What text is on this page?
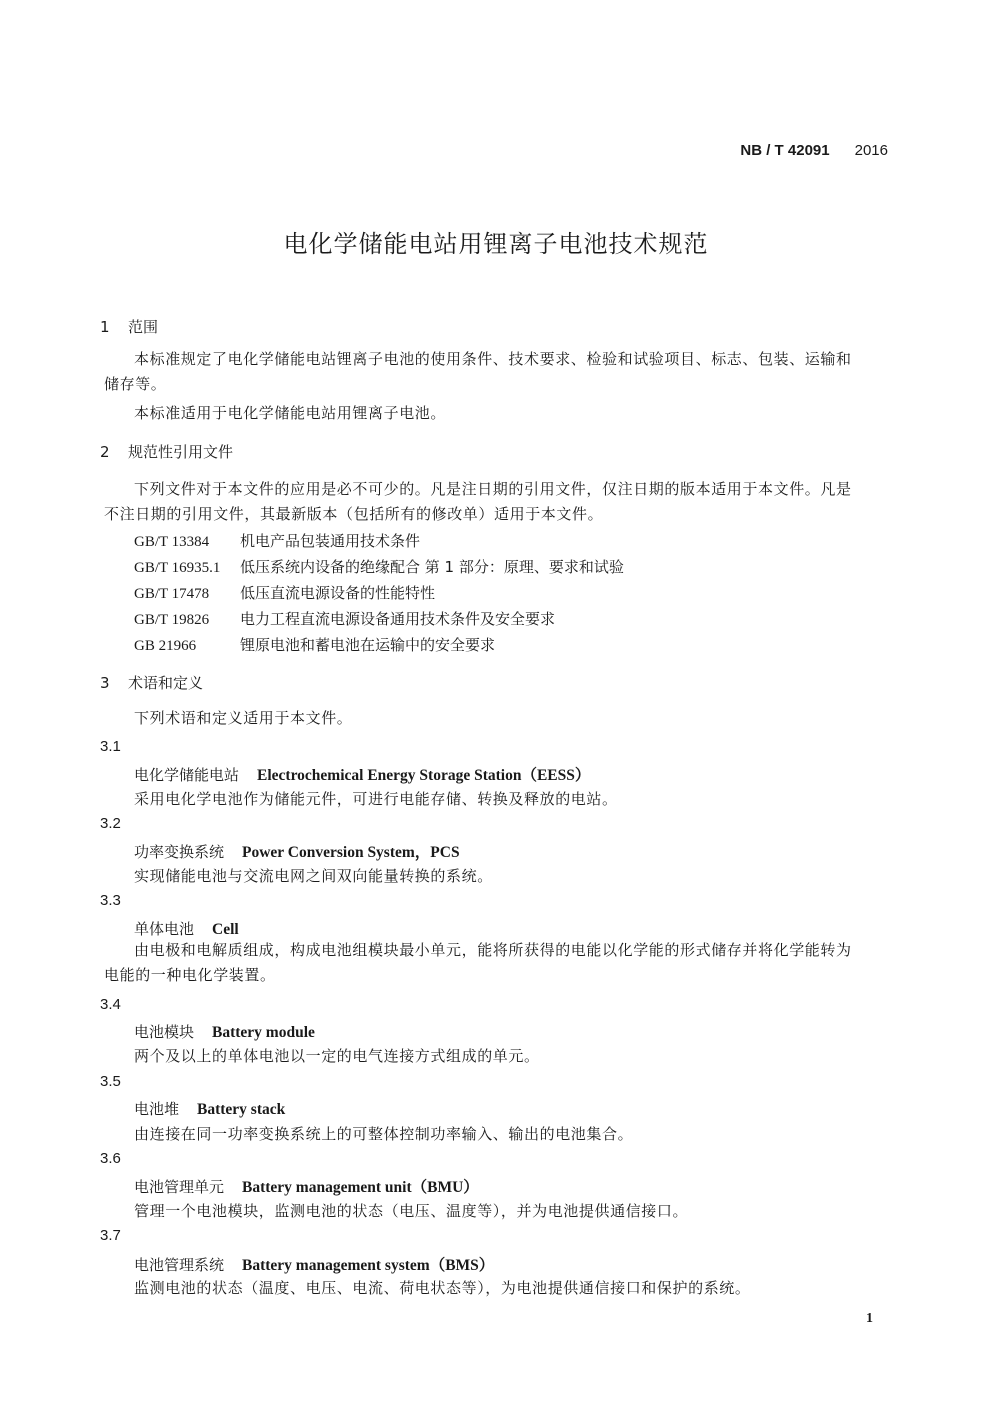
NB / T 42091 2016
电化学储能电站用锂离子电池技术规范
1 范围
本标准规定了电化学储能电站锂离子电池的使用条件、技术要求、检验和试验项目、标志、包装、运输和储存等。
本标准适用于电化学储能电站用锂离子电池。
2 规范性引用文件
下列文件对于本文件的应用是必不可少的。凡是注日期的引用文件，仅注日期的版本适用于本文件。凡是不注日期的引用文件，其最新版本（包括所有的修改单）适用于本文件。
GB/T 13384 机电产品包装通用技术条件
GB/T 16935.1 低压系统内设备的绝缘配合 第 1 部分：原理、要求和试验
GB/T 17478 低压直流电源设备的性能特性
GB/T 19826 电力工程直流电源设备通用技术条件及安全要求
GB 21966	锂原电池和蓄电池在运输中的安全要求
3 术语和定义
下列术语和定义适用于本文件。
3.1
电化学储能电站 Electrochemical Energy Storage Station（EESS）
采用电化学电池作为储能元件，可进行电能存储、转换及释放的电站。
3.2
功率变换系统 Power Conversion System，PCS
实现储能电池与交流电网之间双向能量转换的系统。
3.3
单体电池 Cell
由电极和电解质组成，构成电池组模块最小单元，能将所获得的电能以化学能的形式储存并将化学能转为电能的一种电化学装置。
3.4
电池模块 Battery module
两个及以上的单体电池以一定的电气连接方式组成的单元。
3.5
电池堆 Battery stack
由连接在同一功率变换系统上的可整体控制功率输入、输出的电池集合。
3.6
电池管理单元 Battery management unit（BMU）
管理一个电池模块，监测电池的状态（电压、温度等），并为电池提供通信接口。
3.7
电池管理系统 Battery management system（BMS）
监测电池的状态（温度、电压、电流、荷电状态等），为电池提供通信接口和保护的系统。
1
